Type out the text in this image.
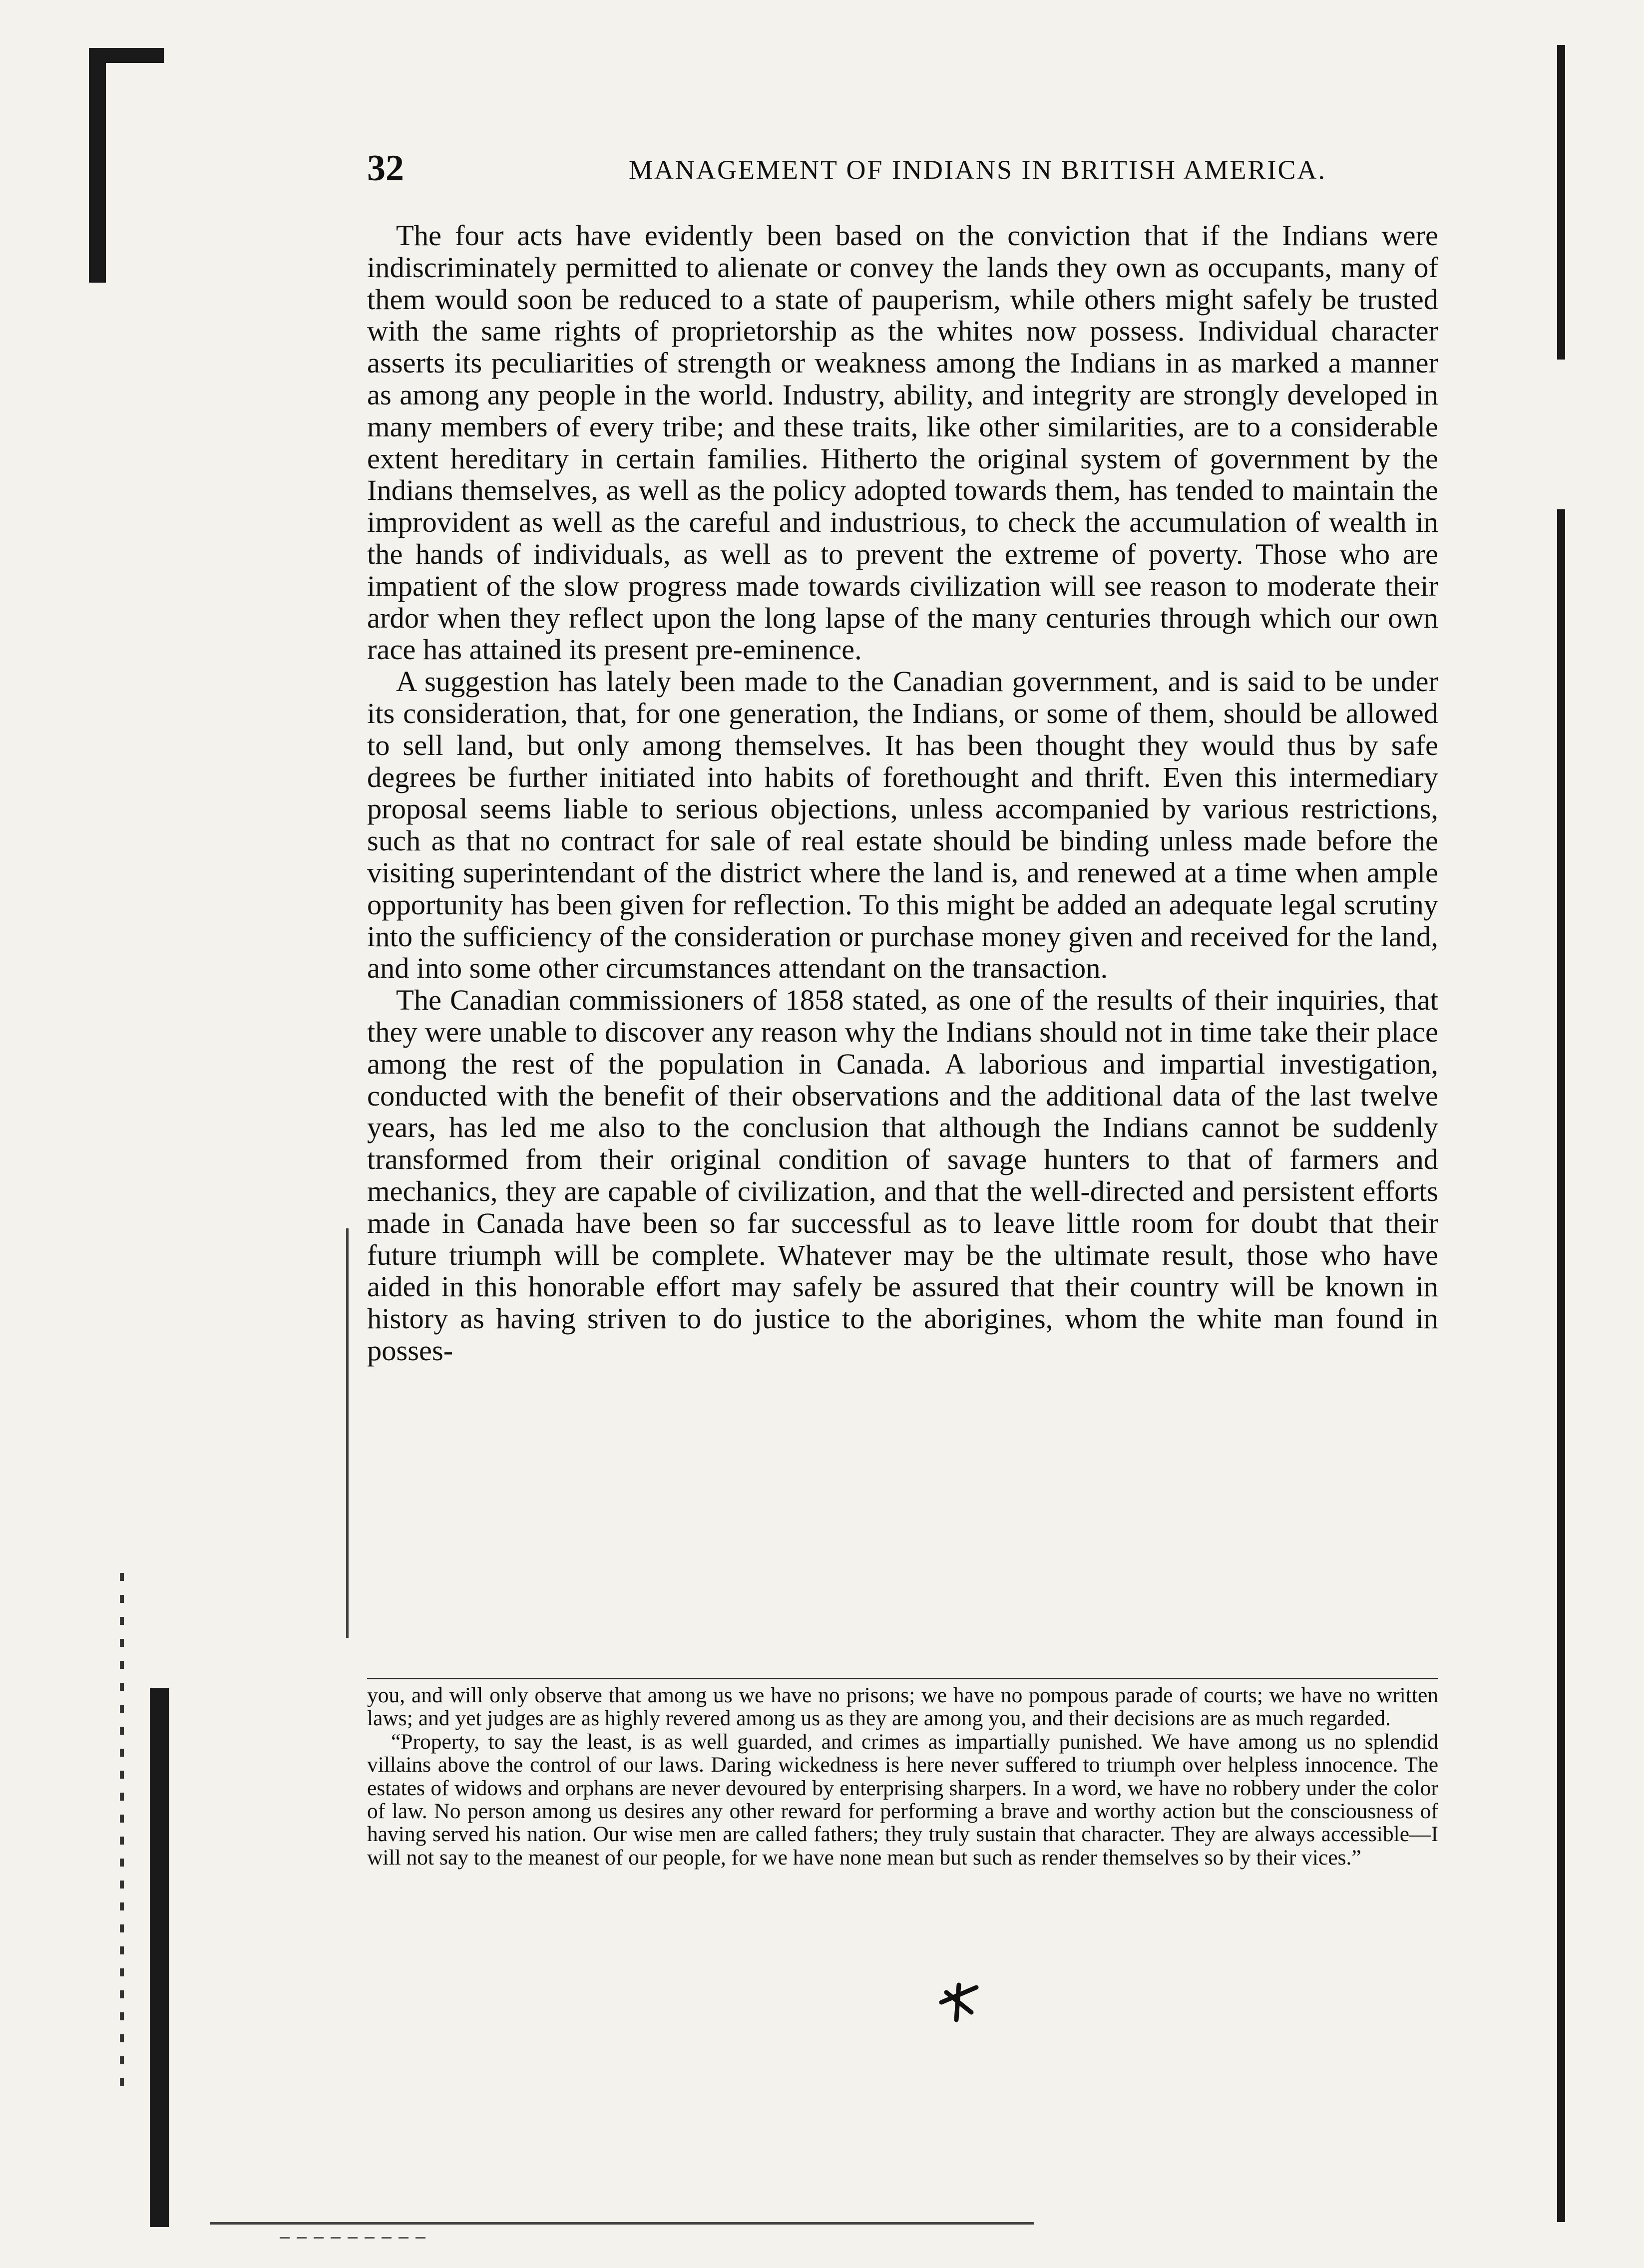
32	MANAGEMENT OF INDIANS IN BRITISH AMERICA.

The four acts have evidently been based on the conviction that if the Indians were indiscriminately permitted to alienate or convey the lands they own as occupants, many of them would soon be reduced to a state of pauperism, while others might safely be trusted with the same rights of proprietorship as the whites now possess. Individual character asserts its peculiarities of strength or weakness among the Indians in as marked a manner as among any people in the world. Industry, ability, and integrity are strongly developed in many members of every tribe; and these traits, like other similarities, are to a considerable extent hereditary in certain families. Hitherto the original system of government by the Indians themselves, as well as the policy adopted towards them, has tended to maintain the improvident as well as the careful and industrious, to check the accumulation of wealth in the hands of individuals, as well as to prevent the extreme of poverty. Those who are impatient of the slow progress made towards civilization will see reason to moderate their ardor when they reflect upon the long lapse of the many centuries through which our own race has attained its present pre-eminence.

A suggestion has lately been made to the Canadian government, and is said to be under its consideration, that, for one generation, the Indians, or some of them, should be allowed to sell land, but only among themselves. It has been thought they would thus by safe degrees be further initiated into habits of forethought and thrift. Even this intermediary proposal seems liable to serious objections, unless accompanied by various restrictions, such as that no contract for sale of real estate should be binding unless made before the visiting superintendant of the district where the land is, and renewed at a time when ample opportunity has been given for reflection. To this might be added an adequate legal scrutiny into the sufficiency of the consideration or purchase money given and received for the land, and into some other circumstances attendant on the transaction.

The Canadian commissioners of 1858 stated, as one of the results of their inquiries, that they were unable to discover any reason why the Indians should not in time take their place among the rest of the population in Canada. A laborious and impartial investigation, conducted with the benefit of their observations and the additional data of the last twelve years, has led me also to the conclusion that although the Indians cannot be suddenly transformed from their original condition of savage hunters to that of farmers and mechanics, they are capable of civilization, and that the well-directed and persistent efforts made in Canada have been so far successful as to leave little room for doubt that their future triumph will be complete. Whatever may be the ultimate result, those who have aided in this honorable effort may safely be assured that their country will be known in history as having striven to do justice to the aborigines, whom the white man found in posses-

you, and will only observe that among us we have no prisons; we have no pompous parade of courts; we have no written laws; and yet judges are as highly revered among us as they are among you, and their decisions are as much regarded.

“Property, to say the least, is as well guarded, and crimes as impartially punished. We have among us no splendid villains above the control of our laws. Daring wickedness is here never suffered to triumph over helpless innocence. The estates of widows and orphans are never devoured by enterprising sharpers. In a word, we have no robbery under the color of law. No person among us desires any other reward for performing a brave and worthy action but the consciousness of having served his nation. Our wise men are called fathers; they truly sustain that character. They are always accessible—I will not say to the meanest of our people, for we have none mean but such as render themselves so by their vices.”
